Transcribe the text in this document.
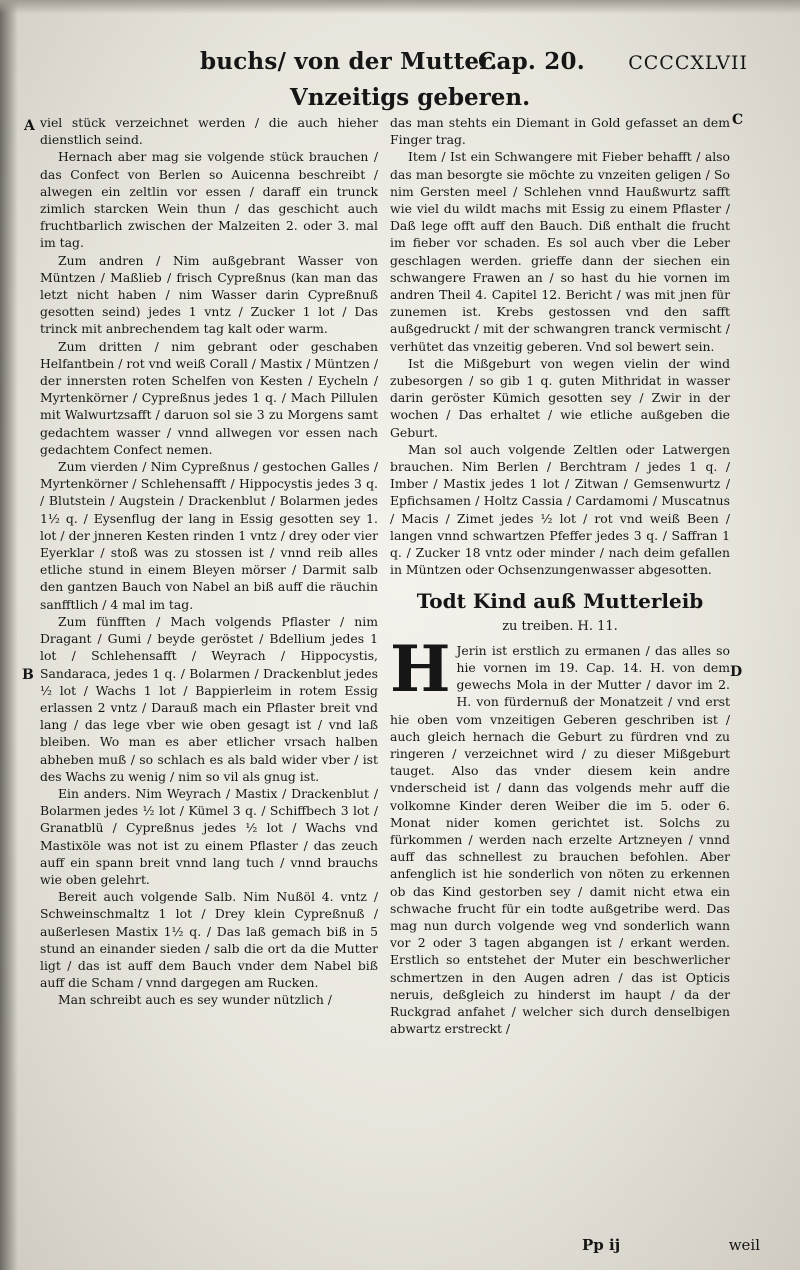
buchs/ von der Mutter.
Cap. 20. CCCCXLVII
Vnzeitigs geberen.
A
B
C
D

viel stück verzeichnet werden / die auch hieher dienstlich seind.

Hernach aber mag sie volgende stück brauchen / das Confect von Berlen so Auicenna beschreibt / alwegen ein zeltlin vor essen / daraff ein trunck zimlich starcken Wein thun / das geschicht auch fruchtbarlich zwischen der Malzeiten 2. oder 3. mal im tag.

Zum andren / Nim außgebrant Wasser von Müntzen / Maßlieb / frisch Cypreßnus (kan man das letzt nicht haben / nim Wasser darin Cypreßnuß gesotten seind) jedes 1 vntz / Zucker 1 lot / Das trinck mit anbrechendem tag kalt oder warm.

Zum dritten / nim gebrant oder geschaben Helfantbein / rot vnd weiß Corall / Mastix / Müntzen / der innersten roten Schelfen von Kesten / Eycheln / Myrtenkörner / Cypreßnus jedes 1 q. / Mach Pillulen mit Walwurtzsafft / daruon sol sie 3 zu Morgens samt gedachtem wasser / vnnd allwegen vor essen nach gedachtem Confect nemen.

Zum vierden / Nim Cypreßnus / gestochen Galles / Myrtenkörner / Schlehensafft / Hippocystis jedes 3 q. / Blutstein / Augstein / Drackenblut / Bolarmen jedes 1½ q. / Eysenflug der lang in Essig gesotten sey 1. lot / der jnneren Kesten rinden 1 vntz / drey oder vier Eyerklar / stoß was zu stossen ist / vnnd reib alles etliche stund in einem Bleyen mörser / Darmit salb den gantzen Bauch von Nabel an biß auff die räuchin sanfftlich / 4 mal im tag.

Zum fünfften / Mach volgends Pflaster / nim Dragant / Gumi / beyde geröstet / Bdellium jedes 1 lot / Schlehensafft / Weyrach / Hippocystis, Sandaraca, jedes 1 q. / Bolarmen / Drackenblut jedes ½ lot / Wachs 1 lot / Bappierleim in rotem Essig erlassen 2 vntz / Darauß mach ein Pflaster breit vnd lang / das lege vber wie oben gesagt ist / vnd laß bleiben. Wo man es aber etlicher vrsach halben abheben muß / so schlach es als bald wider vber / ist des Wachs zu wenig / nim so vil als gnug ist.

Ein anders. Nim Weyrach / Mastix / Drackenblut / Bolarmen jedes ½ lot / Kümel 3 q. / Schiffbech 3 lot / Granatblü / Cypreßnus jedes ½ lot / Wachs vnd Mastixöle was not ist zu einem Pflaster / das zeuch auff ein spann breit vnnd lang tuch / vnnd brauchs wie oben gelehrt.

Bereit auch volgende Salb. Nim Nußöl 4. vntz / Schweinschmaltz 1 lot / Drey klein Cypreßnuß / außerlesen Mastix 1½ q. / Das laß gemach biß in 5 stund an einander sieden / salb die ort da die Mutter ligt / das ist auff dem Bauch vnder dem Nabel biß auff die Scham / vnnd dargegen am Rucken.

Man schreibt auch es sey wunder nützlich /

das man stehts ein Diemant in Gold gefasset an dem Finger trag.

Item / Ist ein Schwangere mit Fieber behafft / also das man besorgte sie möchte zu vnzeiten geligen / So nim Gersten meel / Schlehen vnnd Haußwurtz safft wie viel du wildt machs mit Essig zu einem Pflaster / Daß lege offt auff den Bauch. Diß enthalt die frucht im fieber vor schaden. Es sol auch vber die Leber geschlagen werden. grieffe dann der siechen ein schwangere Frawen an / so hast du hie vornen im andren Theil 4. Capitel 12. Bericht / was mit jnen für zunemen ist. Krebs gestossen vnd den safft außgedruckt / mit der schwangren tranck vermischt / verhütet das vnzeitig geberen. Vnd sol bewert sein.

Ist die Mißgeburt von wegen vielin der wind zubesorgen / so gib 1 q. guten Mithridat in wasser darin geröster Kümich gesotten sey / Zwir in der wochen / Das erhaltet / wie etliche außgeben die Geburt.

Man sol auch volgende Zeltlen oder Latwergen brauchen. Nim Berlen / Berchtram / jedes 1 q. / Imber / Mastix jedes 1 lot / Zitwan / Gemsenwurtz / Epfichsamen / Holtz Cassia / Cardamomi / Muscatnus / Macis / Zimet jedes ½ lot / rot vnd weiß Been / langen vnnd schwartzen Pfeffer jedes 3 q. / Saffran 1 q. / Zucker 18 vntz oder minder / nach deim gefallen in Müntzen oder Ochsenzungenwasser abgesotten.

Todt Kind auß Mutterleib
zu treiben. H. 11.

H Jerin ist erstlich zu ermanen / das alles so hie vornen im 19. Cap. 14. H. von dem gewechs Mola in der Mutter / davor im 2. H. von fürdernuß der Monatzeit / vnd erst hie oben vom vnzeitigen Geberen geschriben ist / auch gleich hernach die Geburt zu fürdren vnd zu ringeren / verzeichnet wird / zu dieser Mißgeburt tauget. Also das vnder diesem kein andre vnderscheid ist / dann das volgends mehr auff die volkomne Kinder deren Weiber die im 5. oder 6. Monat nider komen gerichtet ist. Solchs zu fürkommen / werden nach erzelte Artzneyen / vnnd auff das schnellest zu brauchen befohlen. Aber anfenglich ist hie sonderlich von nöten zu erkennen ob das Kind gestorben sey / damit nicht etwa ein schwache frucht für ein todte außgetribe werd. Das mag nun durch volgende weg vnd sonderlich wann vor 2 oder 3 tagen abgangen ist / erkant werden. Erstlich so entstehet der Muter ein beschwerlicher schmertzen in den Augen adren / das ist Opticis neruis, deßgleich zu hinderst im haupt / da der Ruckgrad anfahet / welcher sich durch denselbigen abwartz erstreckt /

Pp ij	weil
